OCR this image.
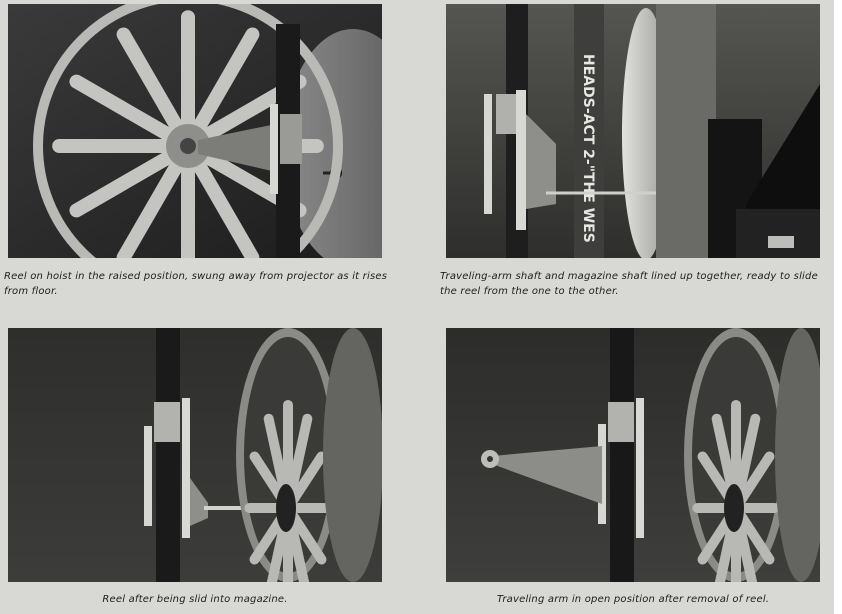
HEADS-ACT 2-"THE WES
Reel on hoist in the raised position, swung away from projector as it rises from floor.
Traveling-arm shaft and magazine shaft lined up together, ready to slide the reel from the one to the other.
Reel after being slid into magazine.	Traveling arm in open position after removal of reel.
